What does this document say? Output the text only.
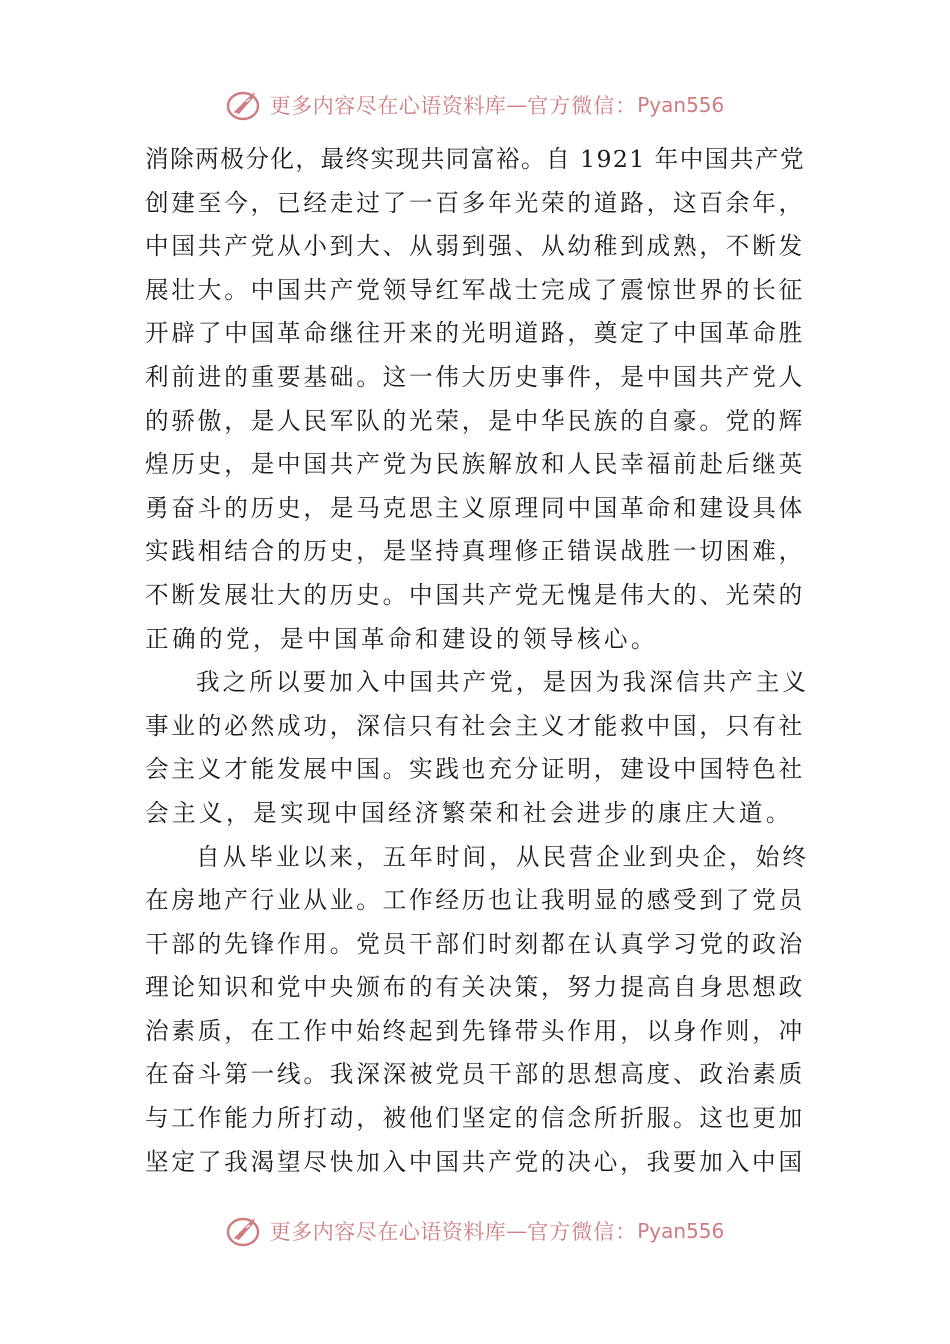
更多内容尽在心语资料库 — 官方微信： Pyan556
消除两极分化，最终实现共同富裕。自 1921 年中国共产党
创建至今，已经走过了一百多年光荣的道路，这百余年，
中国共产党从小到大、从弱到强、从幼稚到成熟，不断发
展壮大。中国共产党领导红军战士完成了震惊世界的长征
开辟了中国革命继往开来的光明道路，奠定了中国革命胜
利前进的重要基础。这一伟大历史事件，是中国共产党人
的骄傲，是人民军队的光荣，是中华民族的自豪。党的辉
煌历史，是中国共产党为民族解放和人民幸福前赴后继英
勇奋斗的历史，是马克思主义原理同中国革命和建设具体
实践相结合的历史，是坚持真理修正错误战胜一切困难，
不断发展壮大的历史。中国共产党无愧是伟大的、光荣的
正确的党，是中国革命和建设的领导核心。
我之所以要加入中国共产党，是因为我深信共产主义
事业的必然成功，深信只有社会主义才能救中国，只有社
会主义才能发展中国。实践也充分证明，建设中国特色社
会主义，是实现中国经济繁荣和社会进步的康庄大道。
自从毕业以来，五年时间，从民营企业到央企，始终
在房地产行业从业。工作经历也让我明显的感受到了党员
干部的先锋作用。党员干部们时刻都在认真学习党的政治
理论知识和党中央颁布的有关决策，努力提高自身思想政
治素质，在工作中始终起到先锋带头作用，以身作则，冲
在奋斗第一线。我深深被党员干部的思想高度、政治素质
与工作能力所打动，被他们坚定的信念所折服。这也更加
坚定了我渴望尽快加入中国共产党的决心，我要加入中国
更多内容尽在心语资料库 — 官方微信： Pyan556
